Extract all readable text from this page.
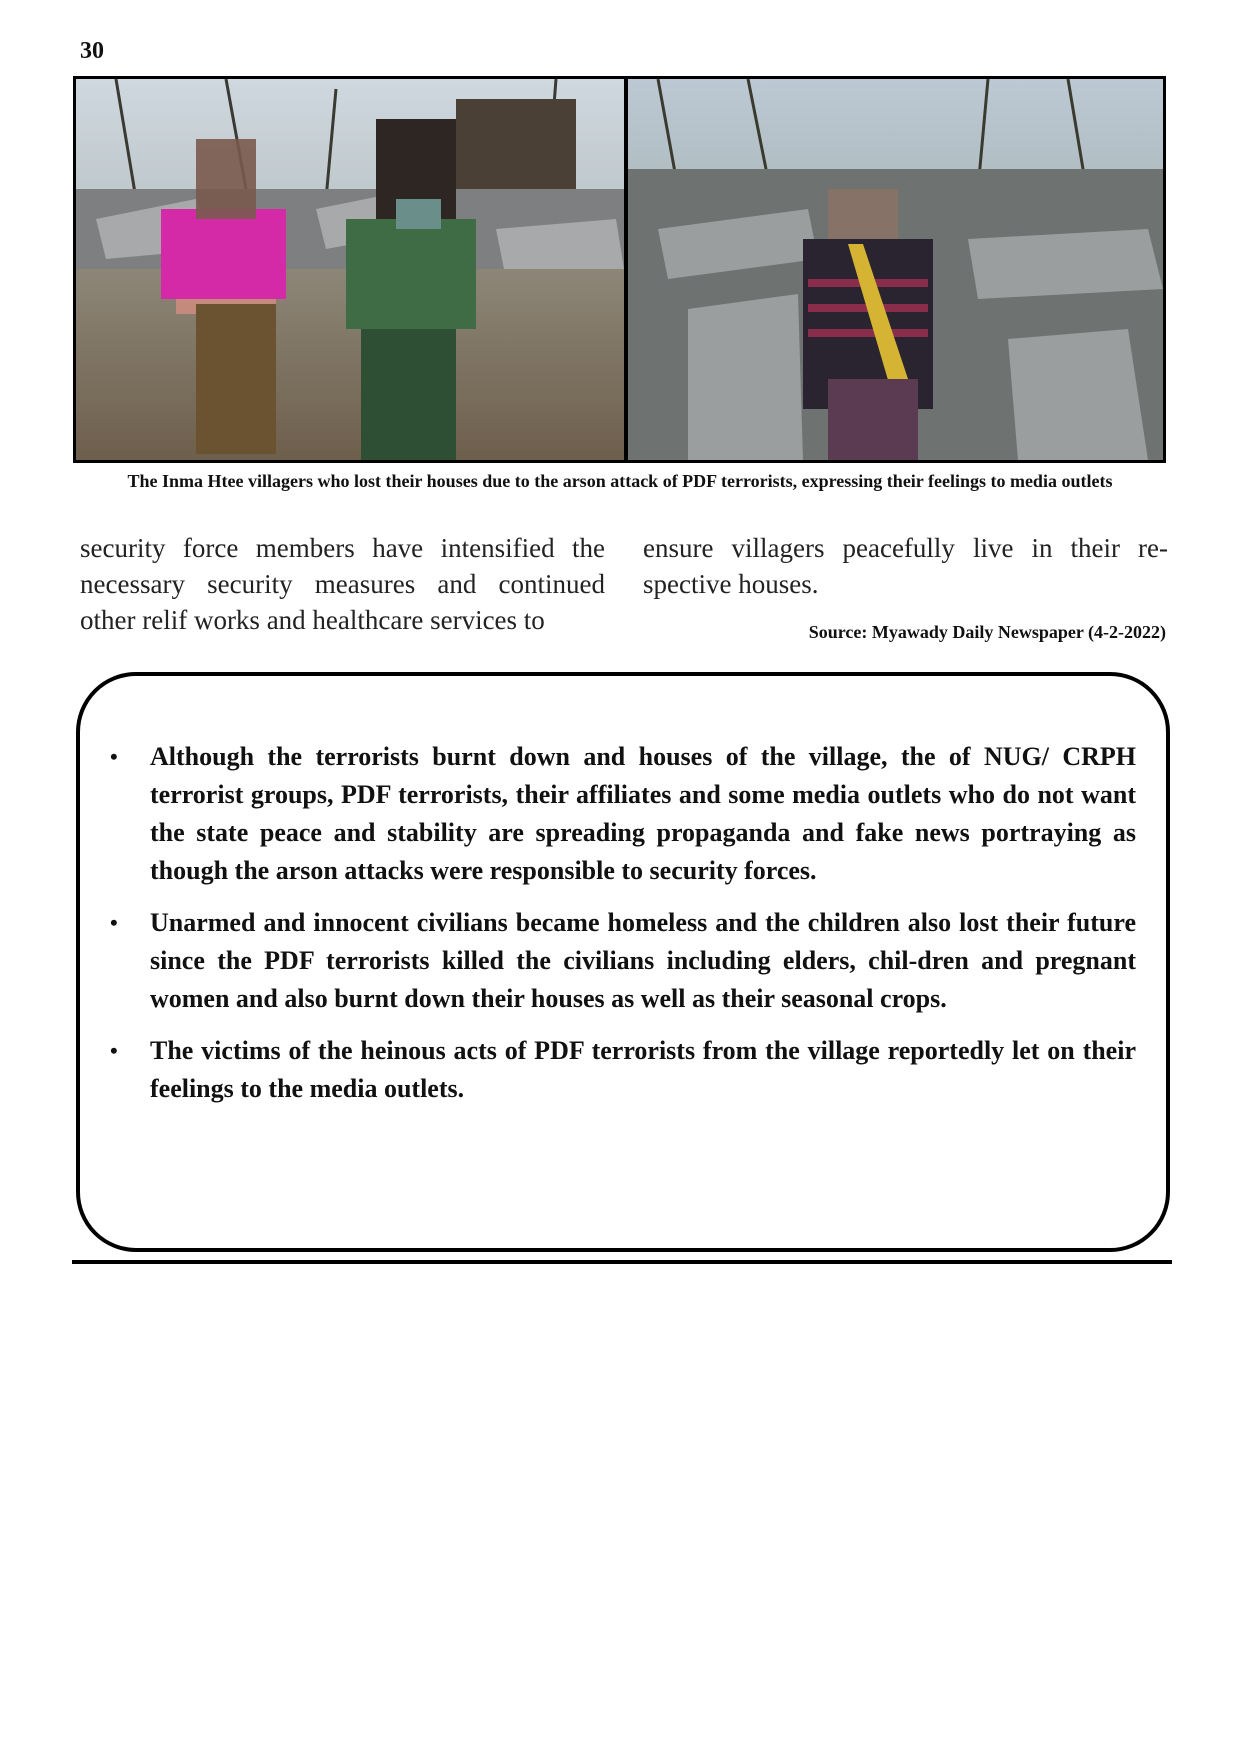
30
The Inma Htee villagers who lost their houses due to the arson attack of PDF terrorists, expressing their feelings to media outlets
security force members have intensified the necessary security measures and continued other relif works and healthcare services to
ensure villagers peacefully live in their re-spective houses.
Source: Myawady Daily Newspaper (4-2-2022)
• Although the terrorists burnt down and houses of the village, the of NUG/ CRPH terrorist groups, PDF terrorists, their affiliates and some media outlets who do not want the state peace and stability are spreading propaganda and fake news portraying as though the arson attacks were responsible to security forces.
• Unarmed and innocent civilians became homeless and the children also lost their future since the PDF terrorists killed the civilians including elders, chil-dren and pregnant women and also burnt down their houses as well as their seasonal crops.
• The victims of the heinous acts of PDF terrorists from the village reportedly let on their feelings to the media outlets.
